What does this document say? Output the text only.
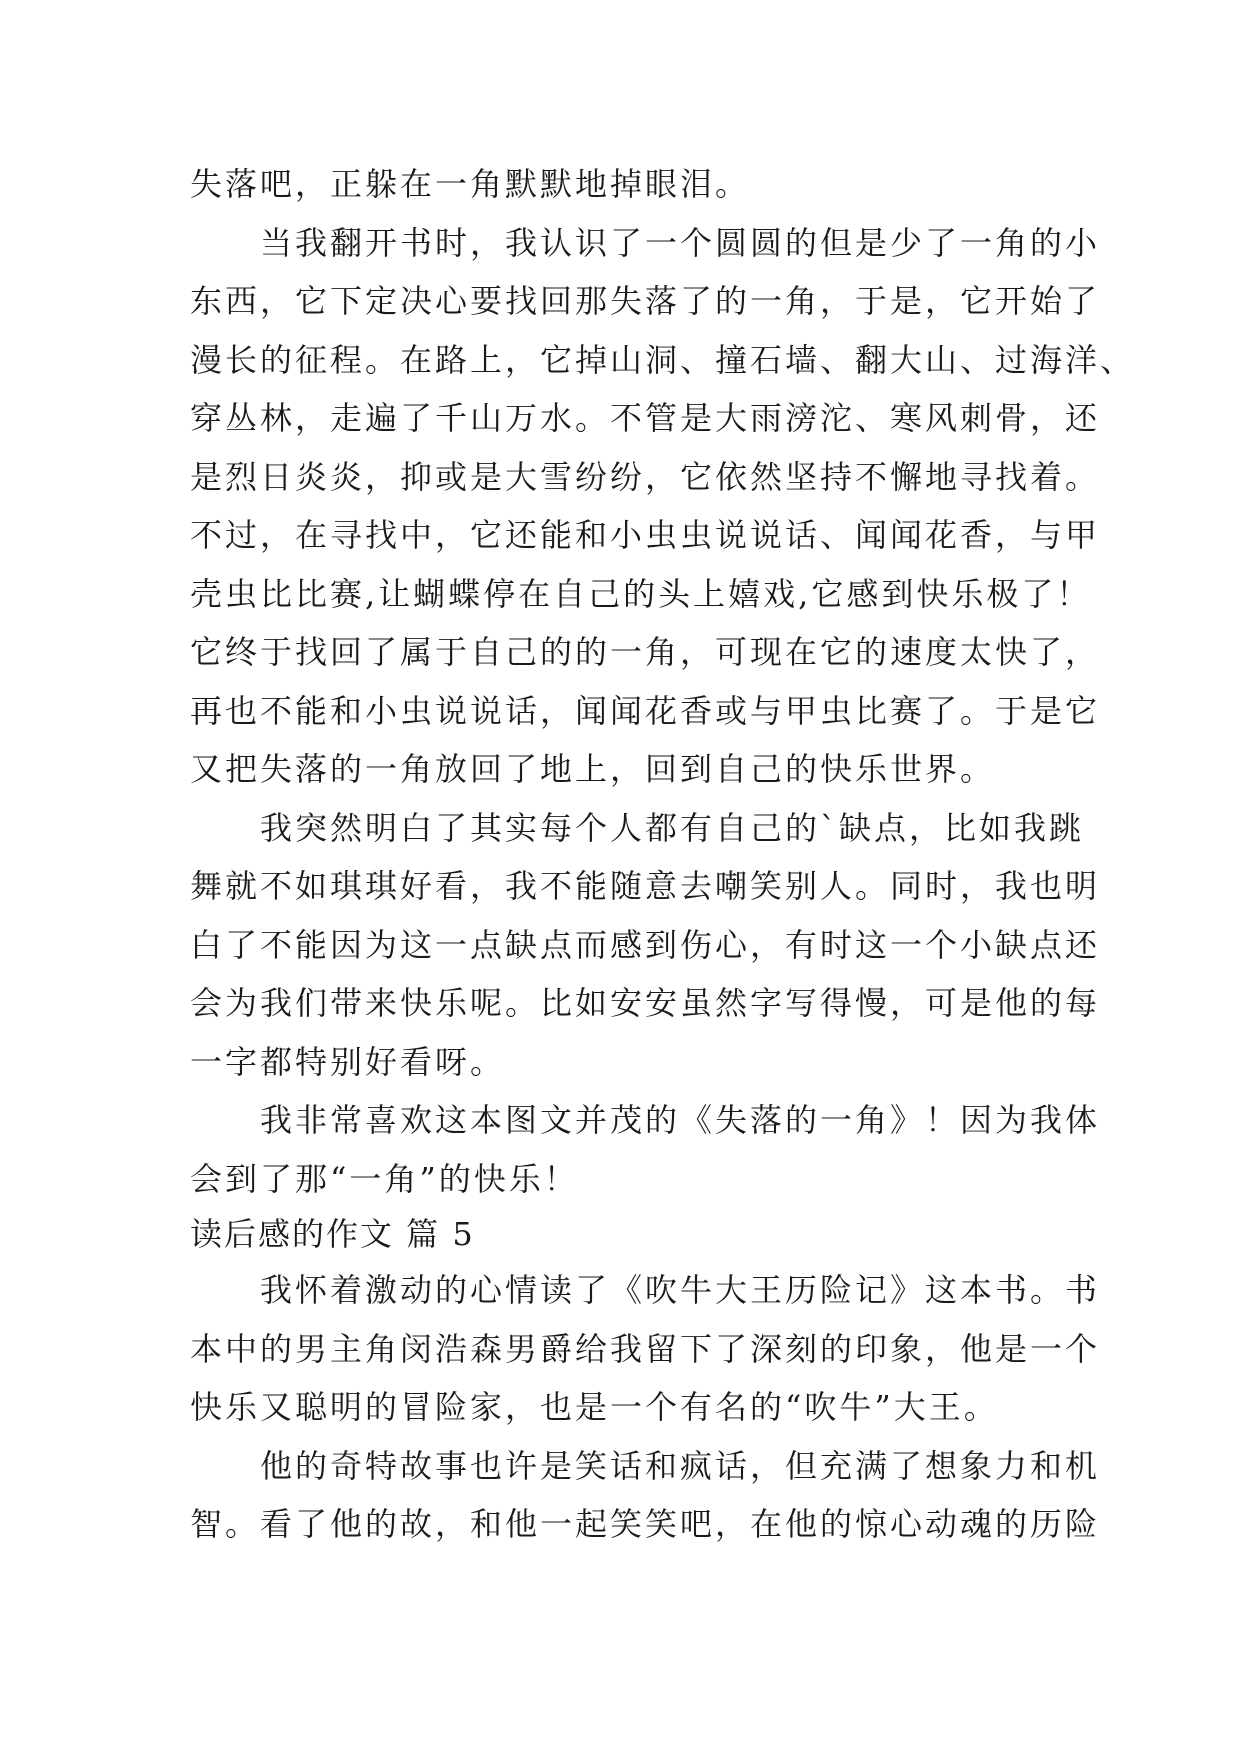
失落吧，正躲在一角默默地掉眼泪。
当我翻开书时，我认识了一个圆圆的但是少了一角的小
东西，它下定决心要找回那失落了的一角，于是，它开始了
漫长的征程。在路上，它掉山洞、撞石墙、翻大山、过海洋、
穿丛林，走遍了千山万水。不管是大雨滂沱、寒风刺骨，还
是烈日炎炎，抑或是大雪纷纷，它依然坚持不懈地寻找着。
不过，在寻找中，它还能和小虫虫说说话、闻闻花香，与甲
壳虫比比赛,让蝴蝶停在自己的头上嬉戏,它感到快乐极了！
它终于找回了属于自己的的一角，可现在它的速度太快了，
再也不能和小虫说说话，闻闻花香或与甲虫比赛了。于是它
又把失落的一角放回了地上，回到自己的快乐世界。
我突然明白了其实每个人都有自己的`缺点，比如我跳
舞就不如琪琪好看，我不能随意去嘲笑别人。同时，我也明
白了不能因为这一点缺点而感到伤心，有时这一个小缺点还
会为我们带来快乐呢。比如安安虽然字写得慢，可是他的每
一字都特别好看呀。
我非常喜欢这本图文并茂的《失落的一角》！因为我体
会到了那“一角”的快乐！
读后感的作文 篇 5
我怀着激动的心情读了《吹牛大王历险记》这本书。书
本中的男主角闵浩森男爵给我留下了深刻的印象，他是一个
快乐又聪明的冒险家，也是一个有名的“吹牛”大王。
他的奇特故事也许是笑话和疯话，但充满了想象力和机
智。看了他的故，和他一起笑笑吧，在他的惊心动魂的历险
